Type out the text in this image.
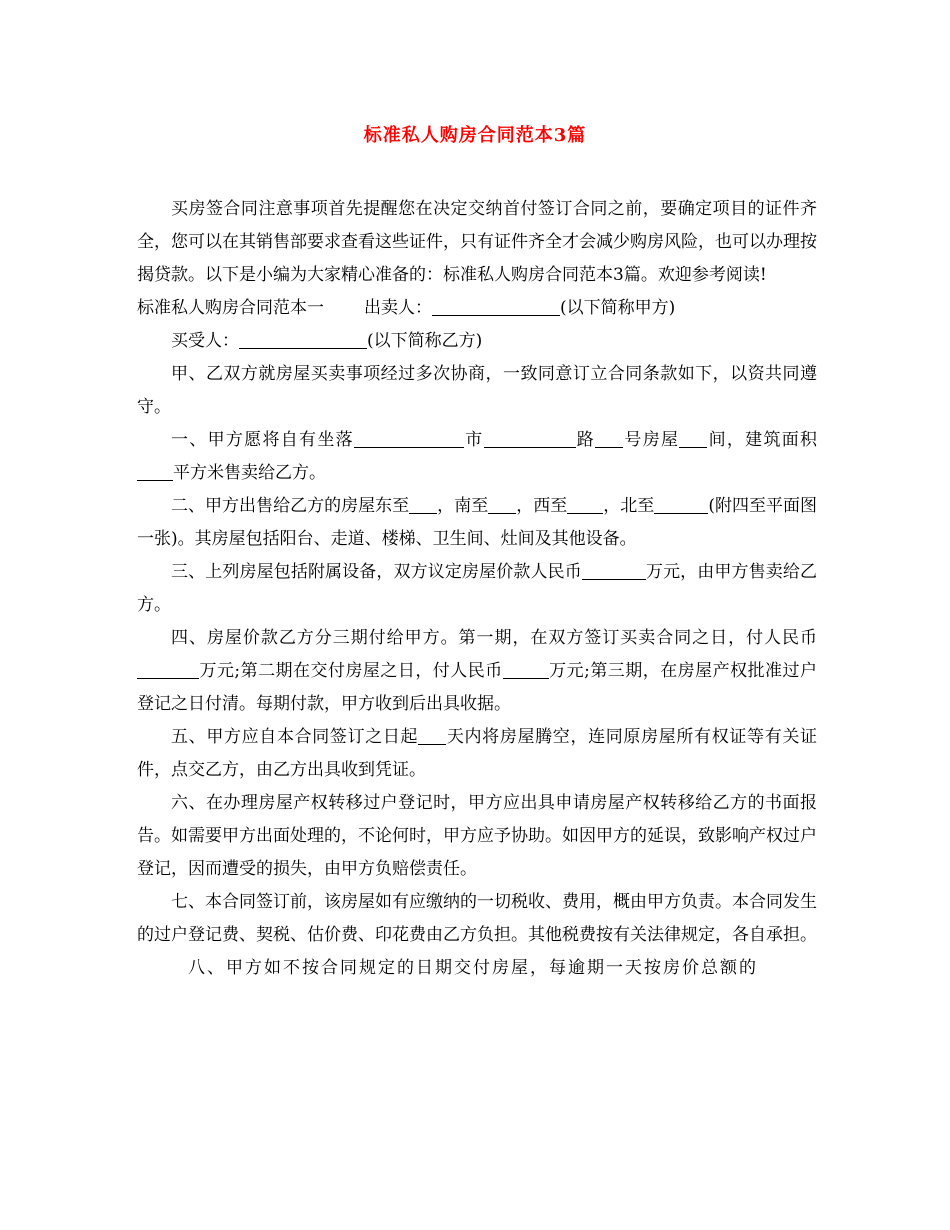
标准私人购房合同范本3篇

买房签合同注意事项首先提醒您在决定交纳首付签订合同之前，要确定项目的证件齐全，您可以在其销售部要求查看这些证件，只有证件齐全才会减少购房风险，也可以办理按揭贷款。以下是小编为大家精心准备的：标准私人购房合同范本3篇。欢迎参考阅读!

标准私人购房合同范本一 出卖人：	(以下简称甲方)

买受人：	(以下简称乙方)

甲、乙双方就房屋买卖事项经过多次协商，一致同意订立合同条款如下，以资共同遵守。

一、甲方愿将自有坐落	市	路 号房屋 间，建筑面积平方米售卖给乙方。

二、甲方出售给乙方的房屋东至 ，南至 ，西至 ，北至	(附四至平面图一张)。其房屋包括阳台、走道、楼梯、卫生间、灶间及其他设备。

三、上列房屋包括附属设备，双方议定房屋价款人民币	万元，由甲方售卖给乙方。

四、房屋价款乙方分三期付给甲方。第一期，在双方签订买卖合同之日，付人民币万元;第二期在交付房屋之日，付人民币	万元;第三期，在房屋产权批准过户登记之日付清。每期付款，甲方收到后出具收据。

五、甲方应自本合同签订之日起 天内将房屋腾空，连同原房屋所有权证等有关证件，点交乙方，由乙方出具收到凭证。

六、在办理房屋产权转移过户登记时，甲方应出具申请房屋产权转移给乙方的书面报告。如需要甲方出面处理的，不论何时，甲方应予协助。如因甲方的延误，致影响产权过户登记，因而遭受的损失，由甲方负赔偿责任。

七、本合同签订前，该房屋如有应缴纳的一切税收、费用，概由甲方负责。本合同发生的过户登记费、契税、估价费、印花费由乙方负担。其他税费按有关法律规定，各自承担。

八、甲方如不按合同规定的日期交付房屋，每逾期一天按房价总额的
